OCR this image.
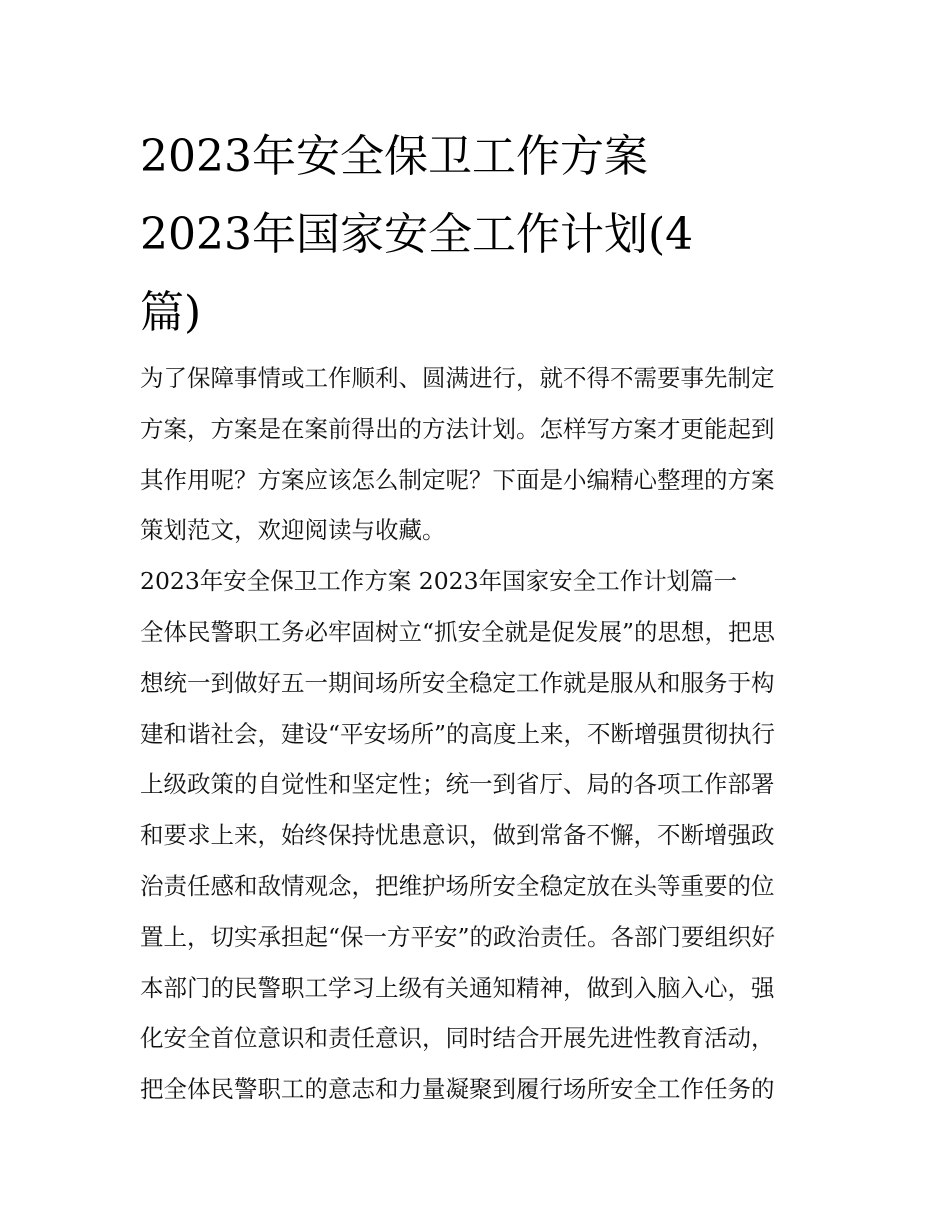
2023年安全保卫工作方案
2023年国家安全工作计划(4
篇)

为了保障事情或工作顺利、圆满进行，就不得不需要事先制定
方案，方案是在案前得出的方法计划。怎样写方案才更能起到
其作用呢？方案应该怎么制定呢？下面是小编精心整理的方案
策划范文，欢迎阅读与收藏。

2023年安全保卫工作方案 2023年国家安全工作计划篇一

全体民警职工务必牢固树立“抓安全就是促发展”的思想，把思
想统一到做好五一期间场所安全稳定工作就是服从和服务于构
建和谐社会，建设“平安场所”的高度上来，不断增强贯彻执行
上级政策的自觉性和坚定性；统一到省厅、局的各项工作部署
和要求上来，始终保持忧患意识，做到常备不懈，不断增强政
治责任感和敌情观念，把维护场所安全稳定放在头等重要的位
置上，切实承担起“保一方平安”的政治责任。各部门要组织好
本部门的民警职工学习上级有关通知精神，做到入脑入心，强
化安全首位意识和责任意识，同时结合开展先进性教育活动，
把全体民警职工的意志和力量凝聚到履行场所安全工作任务的
